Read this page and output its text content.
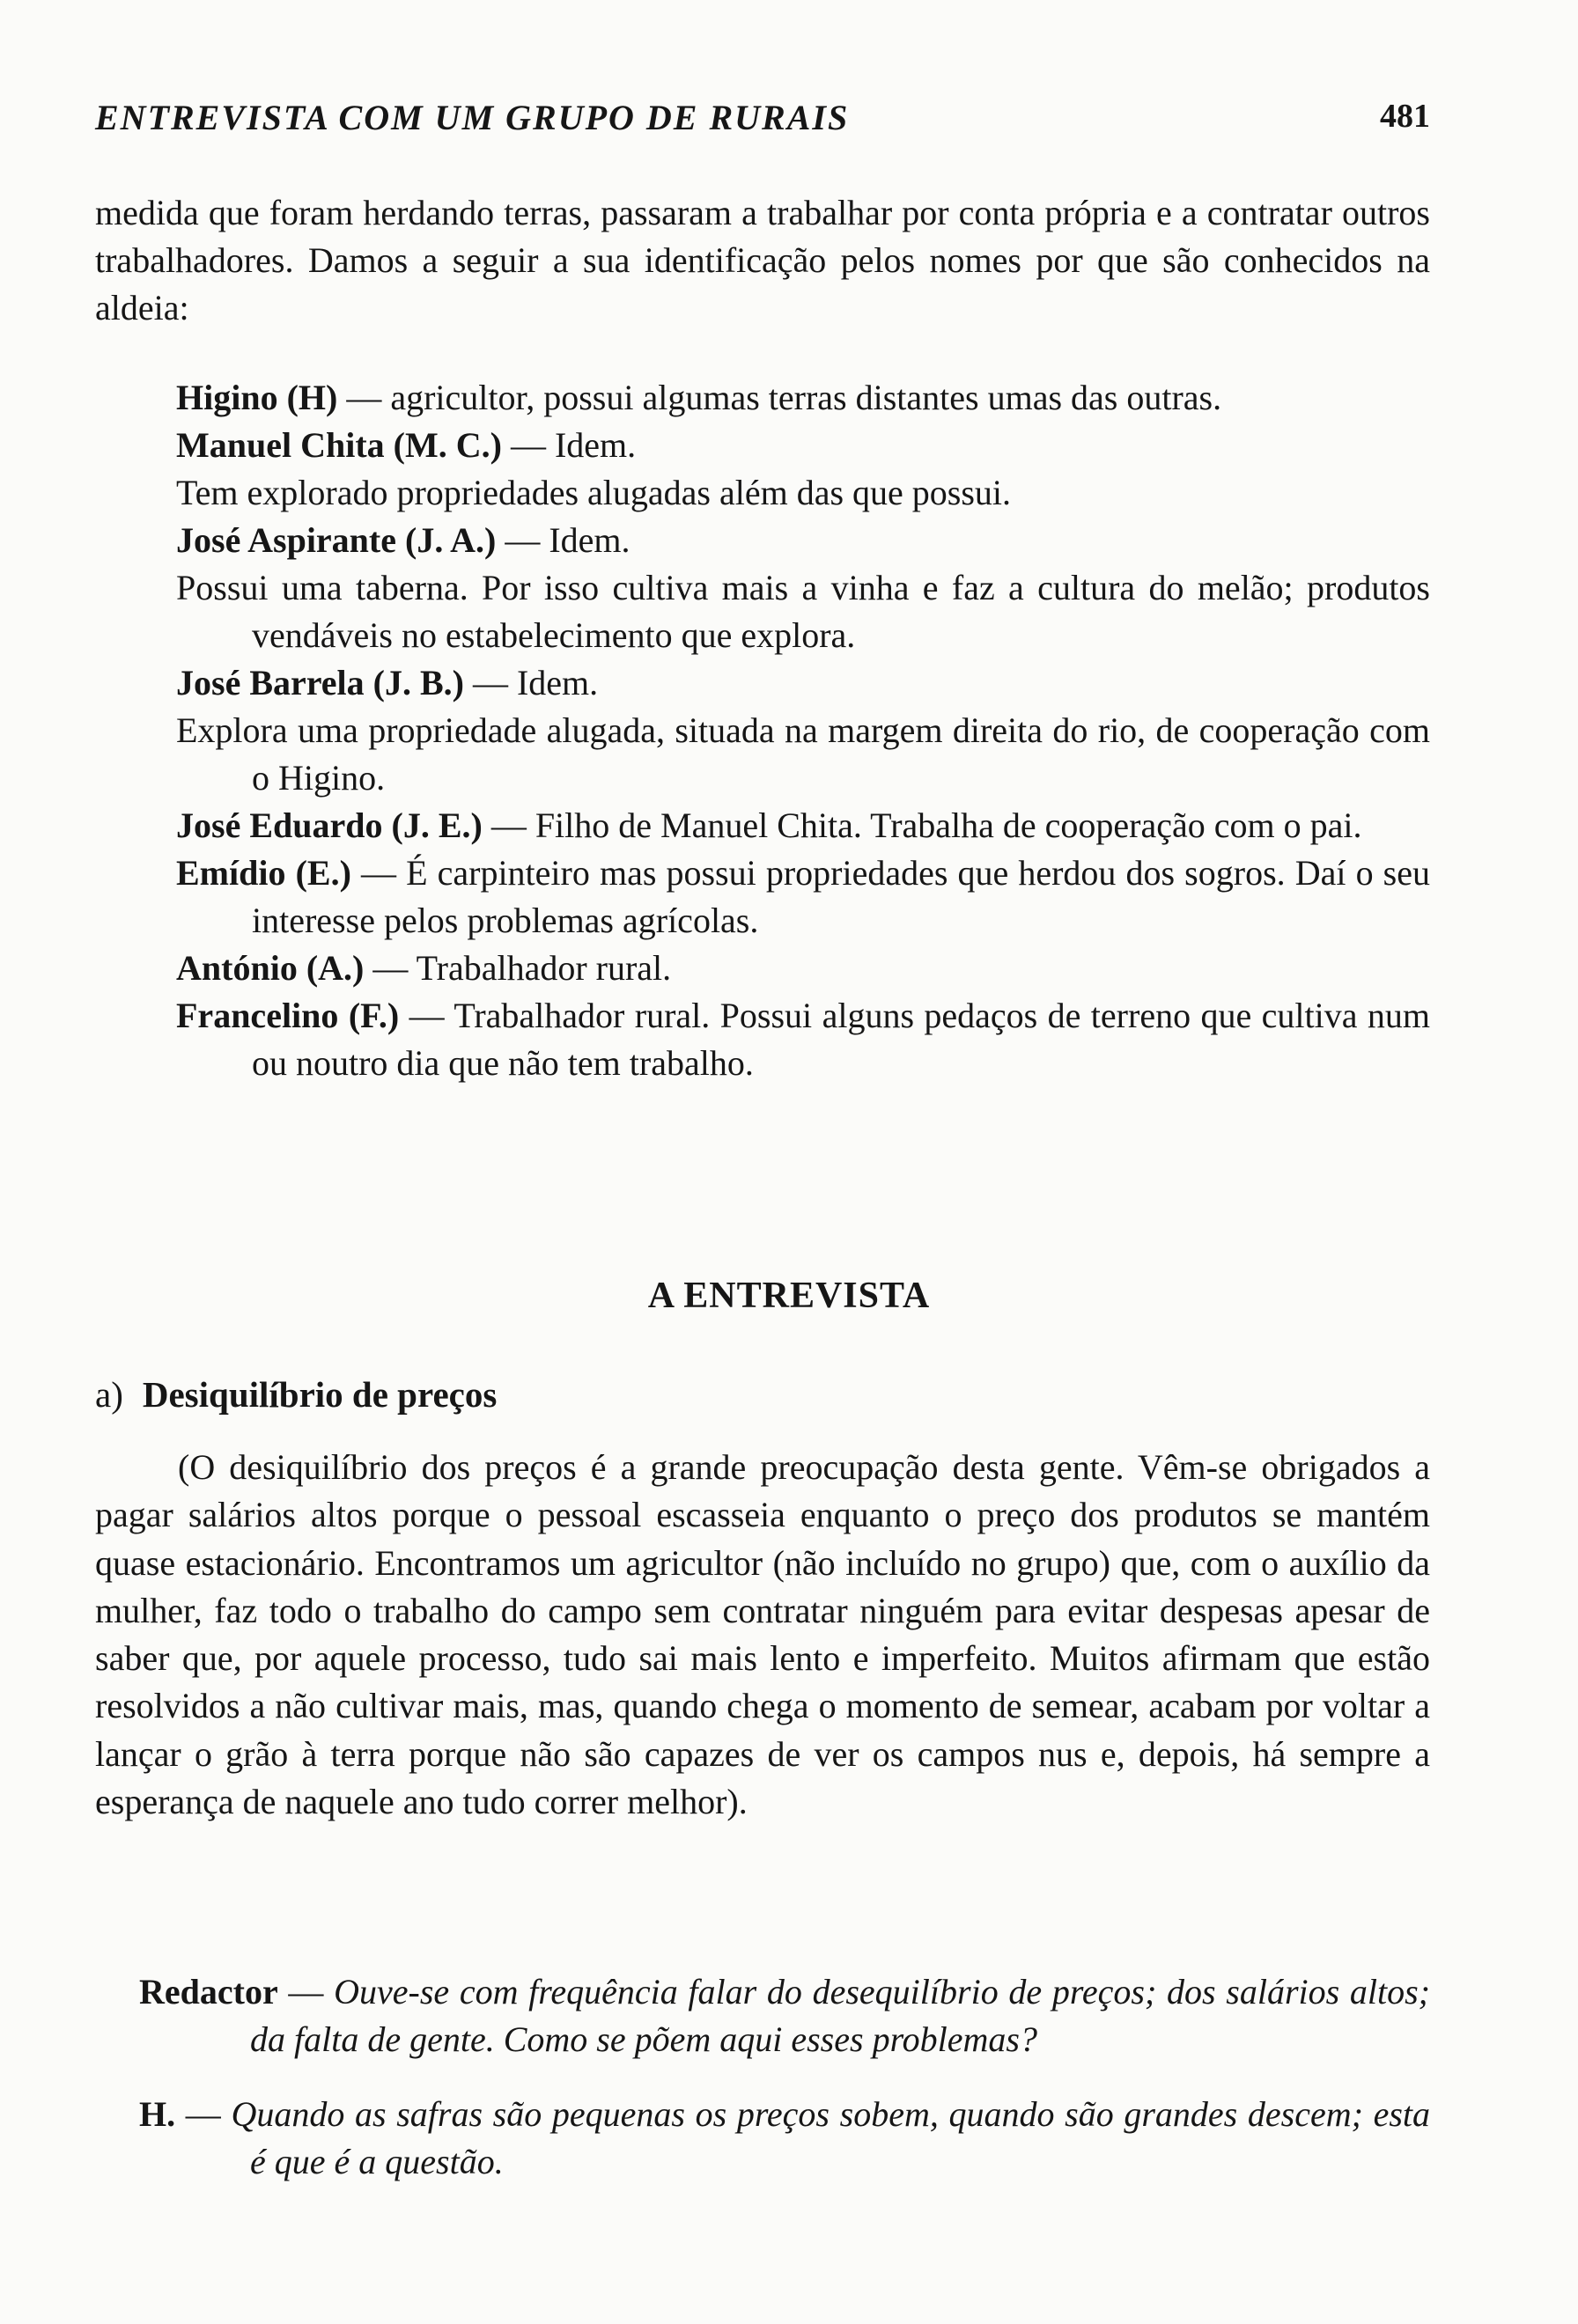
ENTREVISTA COM UM GRUPO DE RURAIS	481
medida que foram herdando terras, passaram a trabalhar por conta própria e a contratar outros trabalhadores. Damos a seguir a sua identificação pelos nomes por que são conhecidos na aldeia:
Higino (H) — agricultor, possui algumas terras distantes umas das outras.
Manuel Chita (M. C.) — Idem.
Tem explorado propriedades alugadas além das que possui.
José Aspirante (J. A.) — Idem.
Possui uma taberna. Por isso cultiva mais a vinha e faz a cultura do melão; produtos vendáveis no estabelecimento que explora.
José Barrela (J. B.) — Idem.
Explora uma propriedade alugada, situada na margem direita do rio, de cooperação com o Higino.
José Eduardo (J. E.) — Filho de Manuel Chita. Trabalha de cooperação com o pai.
Emídio (E.) — É carpinteiro mas possui propriedades que herdou dos sogros. Daí o seu interesse pelos problemas agrícolas.
António (A.) — Trabalhador rural.
Francelino (F.) — Trabalhador rural. Possui alguns pedaços de terreno que cultiva num ou noutro dia que não tem trabalho.
A ENTREVISTA
a) Desiquilíbrio de preços
(O desiquilíbrio dos preços é a grande preocupação desta gente. Vêm-se obrigados a pagar salários altos porque o pessoal escasseia enquanto o preço dos produtos se mantém quase estacionário. Encontramos um agricultor (não incluído no grupo) que, com o auxílio da mulher, faz todo o trabalho do campo sem contratar ninguém para evitar despesas apesar de saber que, por aquele processo, tudo sai mais lento e imperfeito. Muitos afirmam que estão resolvidos a não cultivar mais, mas, quando chega o momento de semear, acabam por voltar a lançar o grão à terra porque não são capazes de ver os campos nus e, depois, há sempre a esperança de naquele ano tudo correr melhor).
Redactor — Ouve-se com frequência falar do desequilíbrio de preços; dos salários altos; da falta de gente. Como se põem aqui esses problemas?
H. — Quando as safras são pequenas os preços sobem, quando são grandes descem; esta é que é a questão.
